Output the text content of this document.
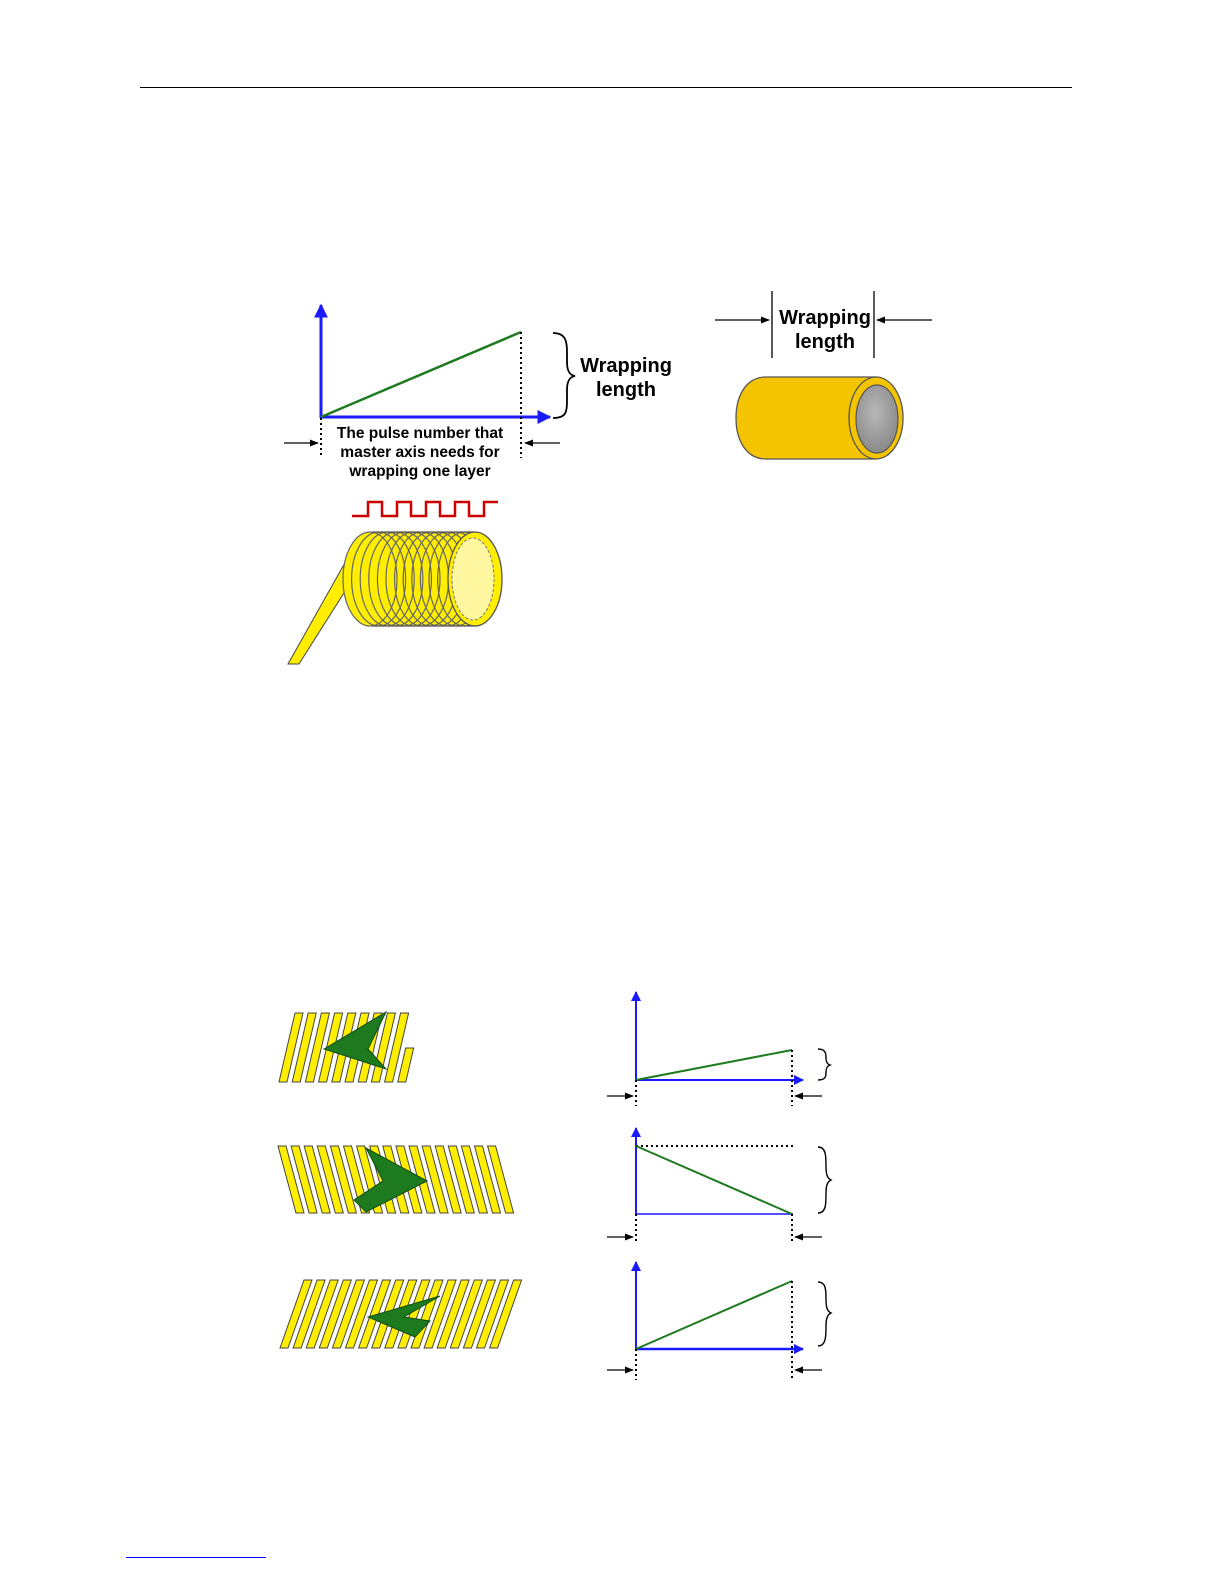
Wrapping
length
The pulse number that
master axis needs for
wrapping one layer
Wrapping
length
